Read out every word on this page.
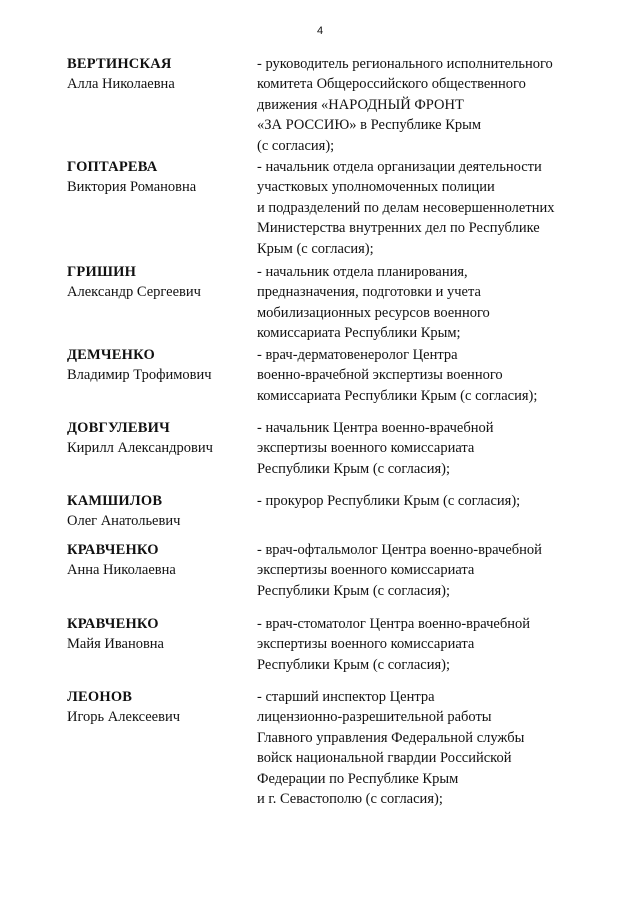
4
ВЕРТИНСКАЯ
Алла Николаевна
- руководитель регионального исполнительного
комитета Общероссийского общественного
движения «НАРОДНЫЙ ФРОНТ
«ЗА РОССИЮ» в Республике Крым
(с согласия);
ГОПТАРЕВА
Виктория Романовна
- начальник отдела организации деятельности
участковых уполномоченных полиции
и подразделений по делам несовершеннолетних
Министерства внутренних дел по Республике
Крым (с согласия);
ГРИШИН
Александр Сергеевич
- начальник отдела планирования,
предназначения, подготовки и учета
мобилизационных ресурсов военного
комиссариата Республики Крым;
ДЕМЧЕНКО
Владимир Трофимович
- врач-дерматовенеролог Центра
военно-врачебной экспертизы военного
комиссариата Республики Крым (с согласия);
ДОВГУЛЕВИЧ
Кирилл Александрович
- начальник Центра военно-врачебной
экспертизы военного комиссариата
Республики Крым (с согласия);
КАМШИЛОВ
Олег Анатольевич
- прокурор Республики Крым (с согласия);
КРАВЧЕНКО
Анна Николаевна
- врач-офтальмолог Центра военно-врачебной
экспертизы военного комиссариата
Республики Крым (с согласия);
КРАВЧЕНКО
Майя Ивановна
- врач-стоматолог Центра военно-врачебной
экспертизы военного комиссариата
Республики Крым (с согласия);
ЛЕОНОВ
Игорь Алексеевич
- старший инспектор Центра
лицензионно-разрешительной работы
Главного управления Федеральной службы
войск национальной гвардии Российской
Федерации по Республике Крым
и г. Севастополю (с согласия);
